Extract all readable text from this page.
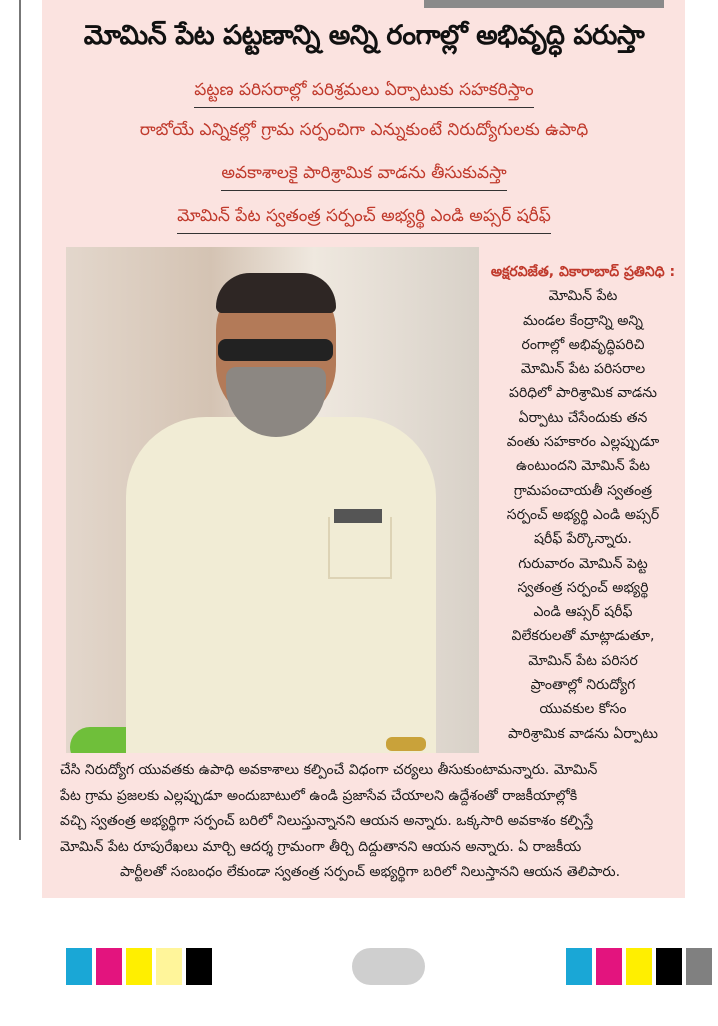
మోమిన్ పేట పట్టణాన్ని అన్ని రంగాల్లో అభివృద్ధి పరుస్తా
పట్టణ పరిసరాల్లో పరిశ్రమలు ఏర్పాటుకు సహకరిస్తాం
రాబోయే ఎన్నికల్లో గ్రామ సర్పంచిగా ఎన్నుకుంటే నిరుద్యోగులకు ఉపాధి
అవకాశాలకై పారిశ్రామిక వాడను తీసుకువస్తా
మోమిన్ పేట స్వతంత్ర సర్పంచ్ అభ్యర్థి ఎండి అప్సర్ షరీఫ్
అక్షరవిజేత, వికారాబాద్ ప్రతినిధి : మోమిన్ పేట
మండల కేంద్రాన్ని అన్ని
రంగాల్లో అభివృద్ధిపరిచి
మోమిన్ పేట పరిసరాల
పరిధిలో పారిశ్రామిక వాడను
ఏర్పాటు చేసేందుకు తన
వంతు సహకారం ఎల్లప్పుడూ
ఉంటుందని మోమిన్ పేట
గ్రామపంచాయతీ స్వతంత్ర
సర్పంచ్ అభ్యర్థి ఎండి అప్సర్
షరీఫ్ పేర్కొన్నారు.
గురువారం మోమిన్ పెట్ట
స్వతంత్ర సర్పంచ్ అభ్యర్థి
ఎండి ఆప్సర్ షరీఫ్
విలేకరులతో మాట్లాడుతూ,
మోమిన్ పేట పరిసర
ప్రాంతాల్లో నిరుద్యోగ
యువకుల కోసం
పారిశ్రామిక వాడను ఏర్పాటు
చేసి నిరుద్యోగ యువతకు ఉపాధి అవకాశాలు కల్పించే విధంగా చర్యలు తీసుకుంటామన్నారు. మోమిన్
పేట గ్రామ ప్రజలకు ఎల్లప్పుడూ అందుబాటులో ఉండి ప్రజాసేవ చేయాలని ఉద్దేశంతో రాజకీయాల్లోకి
వచ్చి స్వతంత్ర అభ్యర్థిగా సర్పంచ్ బరిలో నిలుస్తున్నానని ఆయన అన్నారు. ఒక్కసారి అవకాశం కల్పిస్తే
మోమిన్ పేట రూపురేఖలు మార్చి ఆదర్శ గ్రామంగా తీర్చి దిద్దుతానని ఆయన అన్నారు. ఏ రాజకీయ
పార్టీలతో సంబంధం లేకుండా స్వతంత్ర సర్పంచ్ అభ్యర్థిగా బరిలో నిలుస్తానని ఆయన తెలిపారు.
